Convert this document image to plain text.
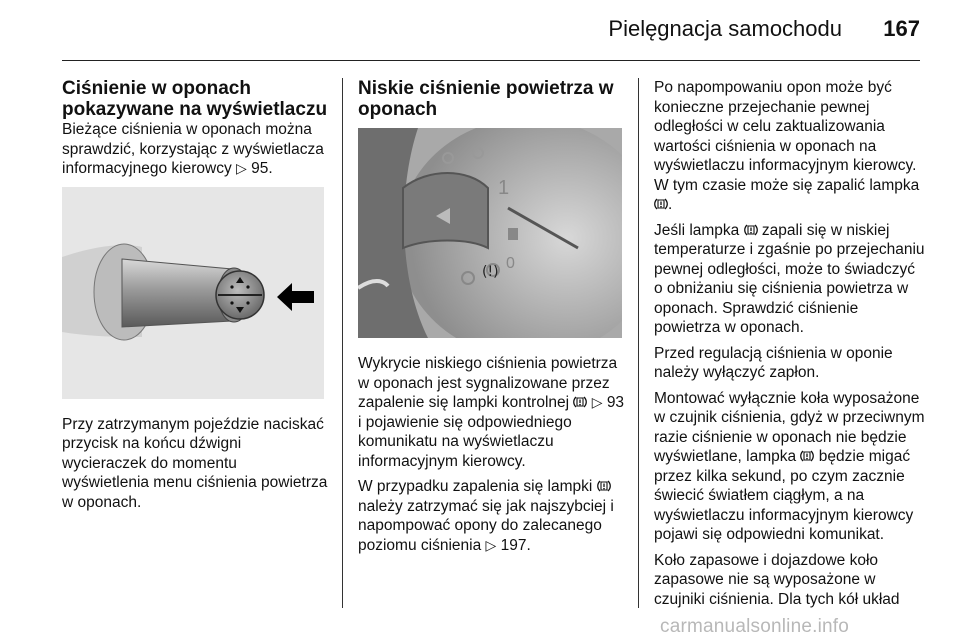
Pielęgnacja samochodu 167
Ciśnienie w oponach pokazywane na wyświetlaczu

Bieżące ciśnienia w oponach można sprawdzić, korzystając z wyświetlacza informacyjnego kierowcy ▷ 95.

Przy zatrzymanym pojeździe naciskać przycisk na końcu dźwigni wycieraczek do momentu wyświetlenia menu ciśnienia powietrza w oponach.

Niskie ciśnienie powietrza w oponach
1
0
(!)

Wykrycie niskiego ciśnienia powietrza w oponach jest sygnalizowane przez zapalenie się lampki kontrolnej ▷ 93 i pojawienie się odpowiedniego komunikatu na wyświetlaczu informacyjnym kierowcy.

W przypadku zapalenia się lampki  należy zatrzymać się jak najszybciej i napompować opony do zalecanego poziomu ciśnienia ▷ 197.

Po napompowaniu opon może być konieczne przejechanie pewnej odległości w celu zaktualizowania wartości ciśnienia w oponach na wyświetlaczu informacyjnym kierowcy. W tym czasie może się zapalić lampka .

Jeśli lampka zapali się w niskiej temperaturze i zgaśnie po przejechaniu pewnej odległości, może to świadczyć o obniżaniu się ciśnienia powietrza w oponach. Sprawdzić ciśnienie powietrza w oponach.

Przed regulacją ciśnienia w oponie należy wyłączyć zapłon.

Montować wyłącznie koła wyposażone w czujnik ciśnienia, gdyż w przeciwnym razie ciśnienie w oponach nie będzie wyświetlane, lampka będzie migać przez kilka sekund, po czym zacznie świecić światłem ciągłym, a na wyświetlaczu informacyjnym kierowcy pojawi się odpowiedni komunikat.

Koło zapasowe i dojazdowe koło zapasowe nie są wyposażone w czujniki ciśnienia. Dla tych kół układ

carmanualsonline.info
